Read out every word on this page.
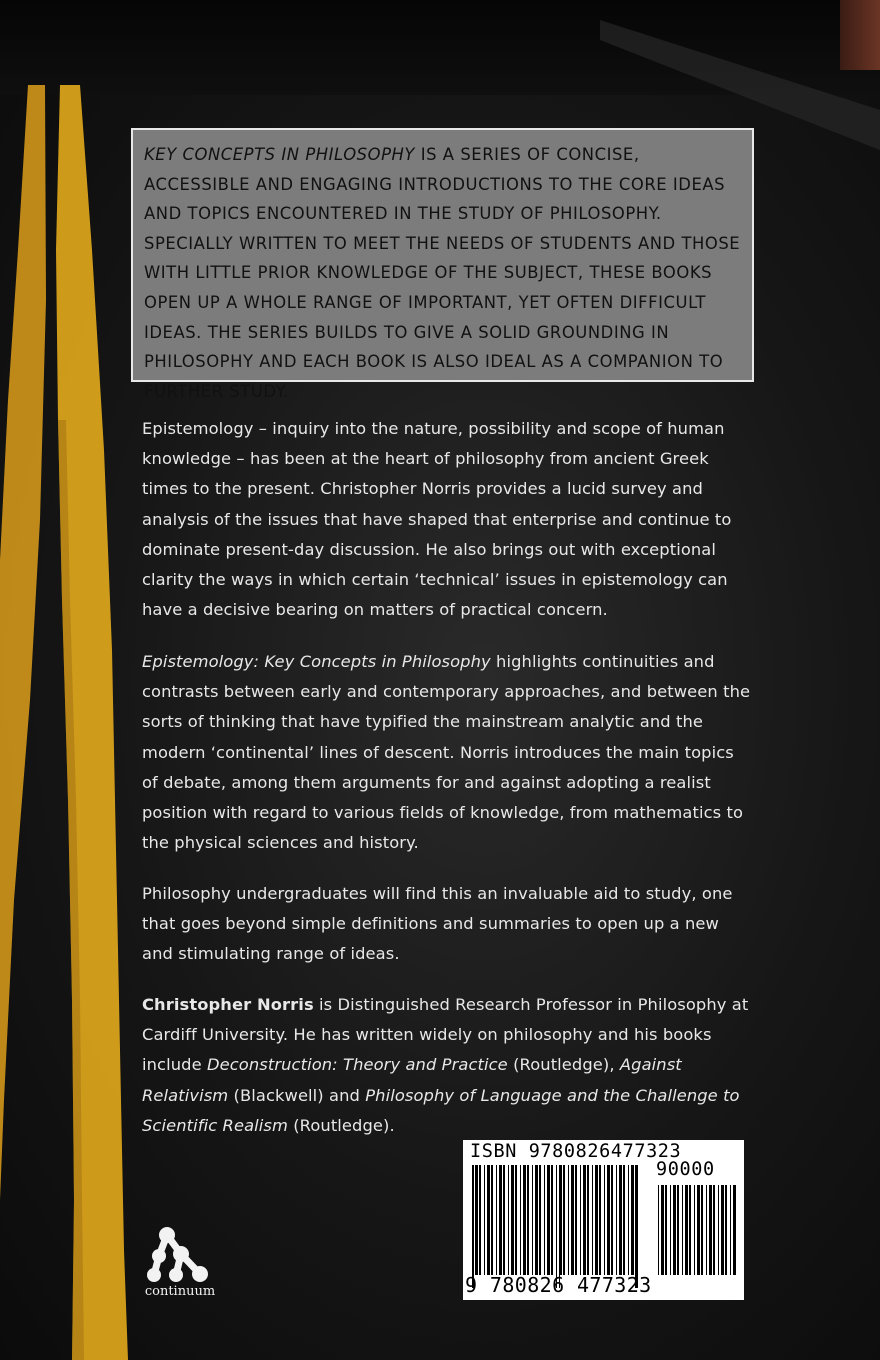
KEY CONCEPTS IN PHILOSOPHY IS A SERIES OF CONCISE, ACCESSIBLE AND ENGAGING INTRODUCTIONS TO THE CORE IDEAS AND TOPICS ENCOUNTERED IN THE STUDY OF PHILOSOPHY. SPECIALLY WRITTEN TO MEET THE NEEDS OF STUDENTS AND THOSE WITH LITTLE PRIOR KNOWLEDGE OF THE SUBJECT, THESE BOOKS OPEN UP A WHOLE RANGE OF IMPORTANT, YET OFTEN DIFFICULT IDEAS. THE SERIES BUILDS TO GIVE A SOLID GROUNDING IN PHILOSOPHY AND EACH BOOK IS ALSO IDEAL AS A COMPANION TO FURTHER STUDY.

Epistemology – inquiry into the nature, possibility and scope of human knowledge – has been at the heart of philosophy from ancient Greek times to the present. Christopher Norris provides a lucid survey and analysis of the issues that have shaped that enterprise and continue to dominate present-day discussion. He also brings out with exceptional clarity the ways in which certain ‘technical’ issues in epistemology can have a decisive bearing on matters of practical concern.

Epistemology: Key Concepts in Philosophy highlights continuities and contrasts between early and contemporary approaches, and between the sorts of thinking that have typified the mainstream analytic and the modern ‘continental’ lines of descent. Norris introduces the main topics of debate, among them arguments for and against adopting a realist position with regard to various fields of knowledge, from mathematics to the physical sciences and history.

Philosophy undergraduates will find this an invaluable aid to study, one that goes beyond simple definitions and summaries to open up a new and stimulating range of ideas.

Christopher Norris is Distinguished Research Professor in Philosophy at Cardiff University. He has written widely on philosophy and his books include Deconstruction: Theory and Practice (Routledge), Against Relativism (Blackwell) and Philosophy of Language and the Challenge to Scientific Realism (Routledge).

continuum
ISBN 9780826477323
90000
9 780826 477323
